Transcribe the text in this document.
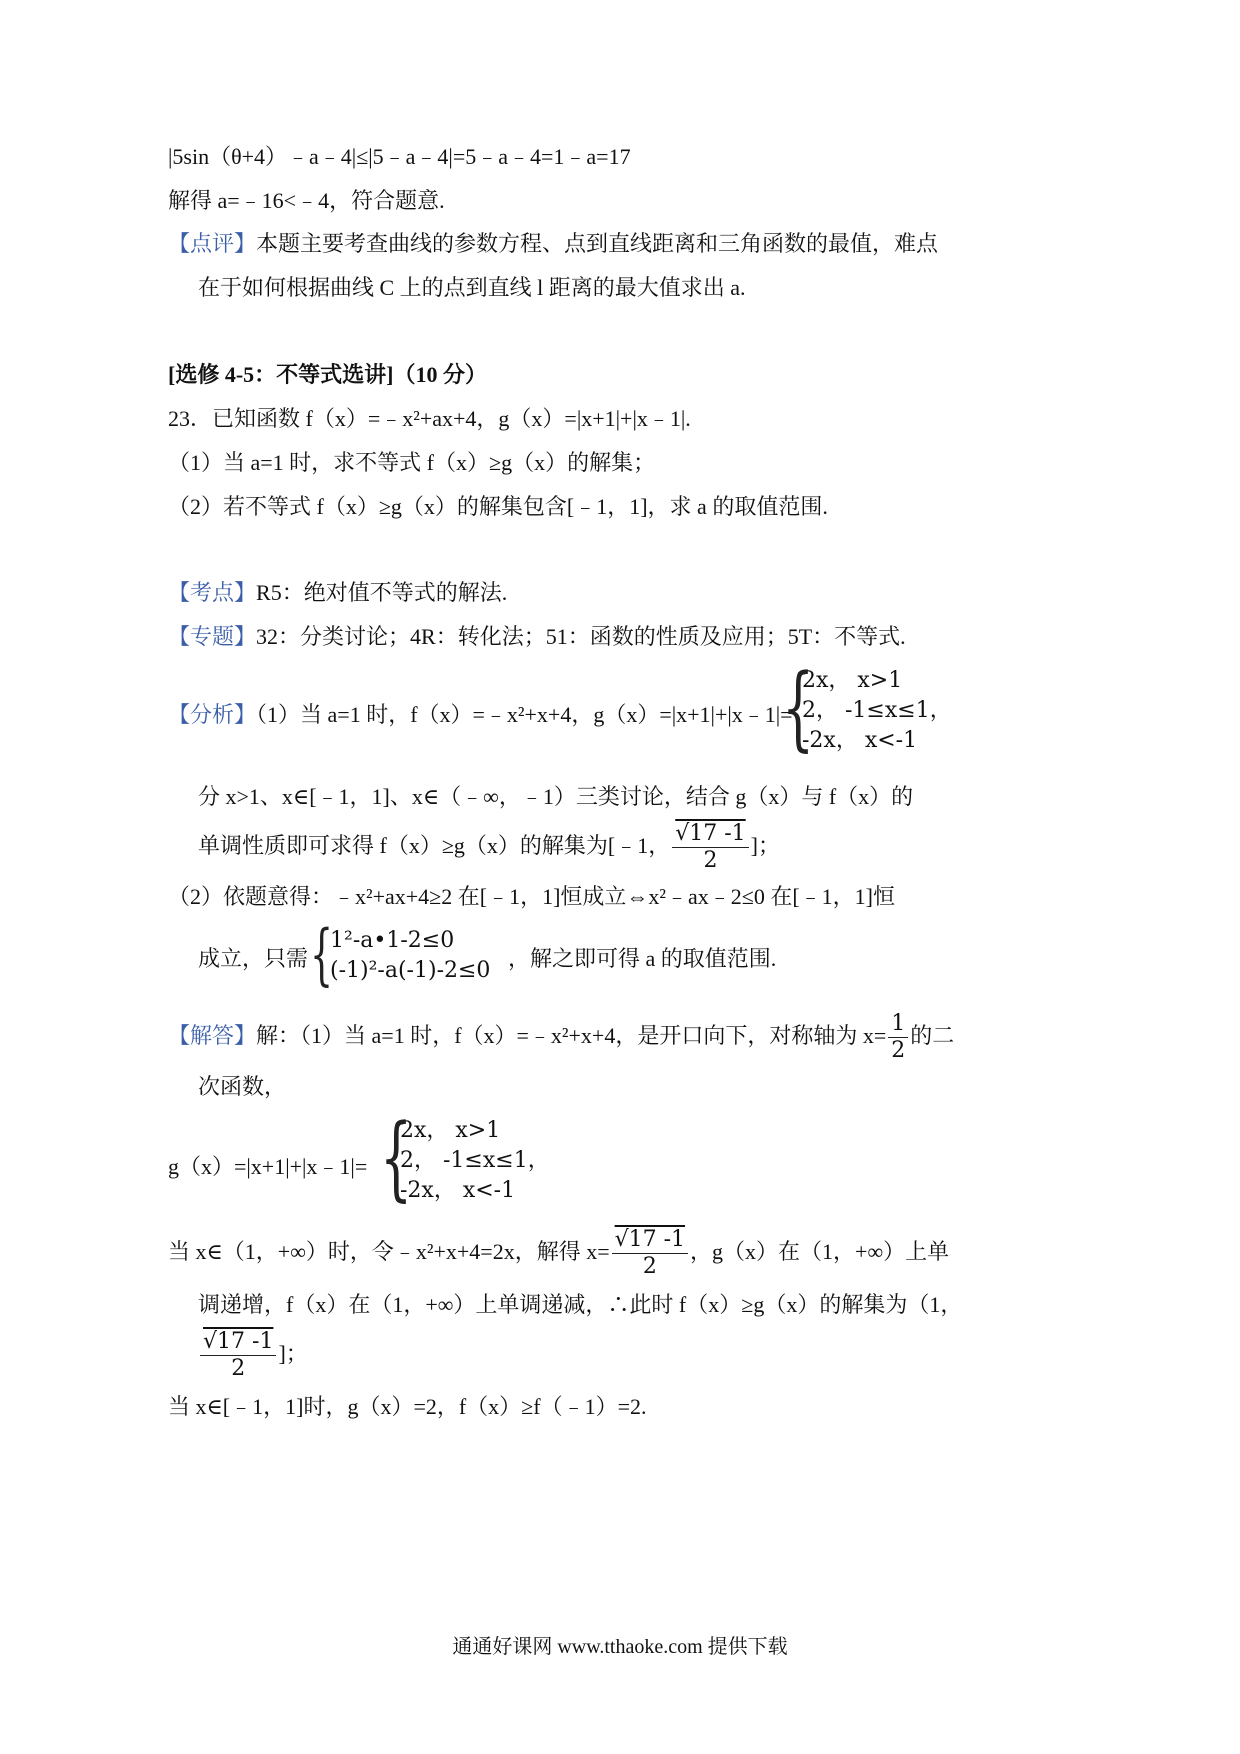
|5sin（θ+4）﹣a﹣4|≤|5﹣a﹣4|=5﹣a﹣4=1﹣a=17
解得 a=﹣16<﹣4，符合题意.
【点评】本题主要考查曲线的参数方程、点到直线距离和三角函数的最值，难点
在于如何根据曲线 C 上的点到直线 l 距离的最大值求出 a.
[选修 4-5：不等式选讲]（10 分）
23．已知函数 f（x）=﹣x²+ax+4，g（x）=|x+1|+|x﹣1|.
（1）当 a=1 时，求不等式 f（x）≥g（x）的解集；
（2）若不等式 f（x）≥g（x）的解集包含[﹣1，1]，求 a 的取值范围.
【考点】R5：绝对值不等式的解法.
【专题】32：分类讨论；4R：转化法；51：函数的性质及应用；5T：不等式.
【分析】（1）当 a=1 时，f（x）=﹣x²+x+4，g（x）=|x+1|+|x﹣1|=
{
2x， x>1
2， -1≤x≤1，
-2x， x<-1
分 x>1、x∈[﹣1，1]、x∈（﹣∞，﹣1）三类讨论，结合 g（x）与 f（x）的
单调性质即可求得 f（x）≥g（x）的解集为[﹣1， $\frac{√17 -1}{2}$ ]；
（2）依题意得：﹣x²+ax+4≥2 在[﹣1，1]恒成立⇔x²﹣ax﹣2≤0 在[﹣1，1]恒
成立，只需 {
1²-a•1-2≤0
(-1)²-a(-1)-2≤0 ，解之即可得 a 的取值范围.
【解答】解：（1）当 a=1 时，f（x）=﹣x²+x+4，是开口向下，对称轴为 $x= \frac{1}{2}$ 的二
次函数，
g（x）=|x+1|+|x﹣1|= {
2x， x>1
2， -1≤x≤1，
-2x， x<-1
当 x∈（1，+∞）时，令﹣x²+x+4=2x，解得 $x= \frac{√17 -1}{2}$ ，g（x）在（1，+∞）上单
调递增，f（x）在（1，+∞）上单调递减，∴此时 f（x）≥g（x）的解集为（1，
$\frac{√17 -1}{2}$ ]；
当 x∈[﹣1，1]时，g（x）=2，f（x）≥f（﹣1）=2.
通通好课网 www.tthaoke.com 提供下载
